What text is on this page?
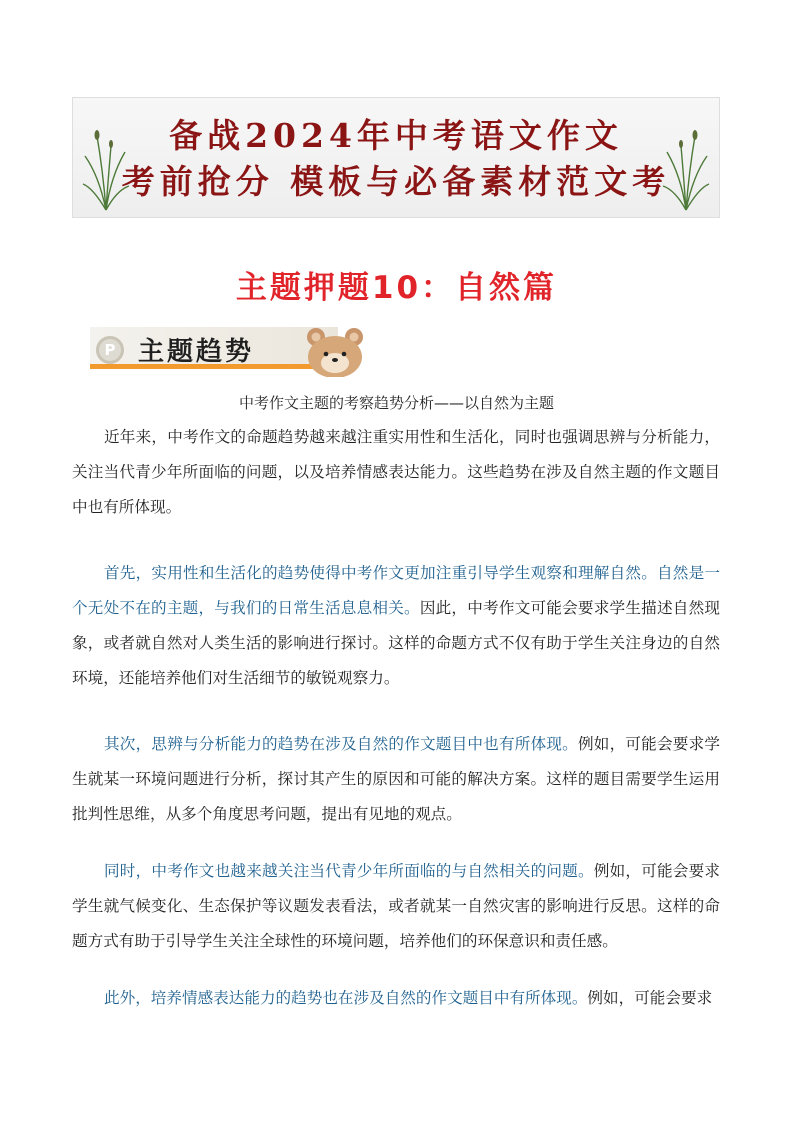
备战2024年中考语文作文
考前抢分 模板与必备素材范文考
主题押题10：自然篇
P 主题趋势
中考作文主题的考察趋势分析——以自然为主题

近年来，中考作文的命题趋势越来越注重实用性和生活化，同时也强调思辨与分析能力，关注当代青少年所面临的问题，以及培养情感表达能力。这些趋势在涉及自然主题的作文题目中也有所体现。

首先，实用性和生活化的趋势使得中考作文更加注重引导学生观察和理解自然。自然是一个无处不在的主题，与我们的日常生活息息相关。因此，中考作文可能会要求学生描述自然现象，或者就自然对人类生活的影响进行探讨。这样的命题方式不仅有助于学生关注身边的自然环境，还能培养他们对生活细节的敏锐观察力。

其次，思辨与分析能力的趋势在涉及自然的作文题目中也有所体现。例如，可能会要求学生就某一环境问题进行分析，探讨其产生的原因和可能的解决方案。这样的题目需要学生运用批判性思维，从多个角度思考问题，提出有见地的观点。

同时，中考作文也越来越关注当代青少年所面临的与自然相关的问题。例如，可能会要求学生就气候变化、生态保护等议题发表看法，或者就某一自然灾害的影响进行反思。这样的命题方式有助于引导学生关注全球性的环境问题，培养他们的环保意识和责任感。

此外，培养情感表达能力的趋势也在涉及自然的作文题目中有所体现。例如，可能会要求
